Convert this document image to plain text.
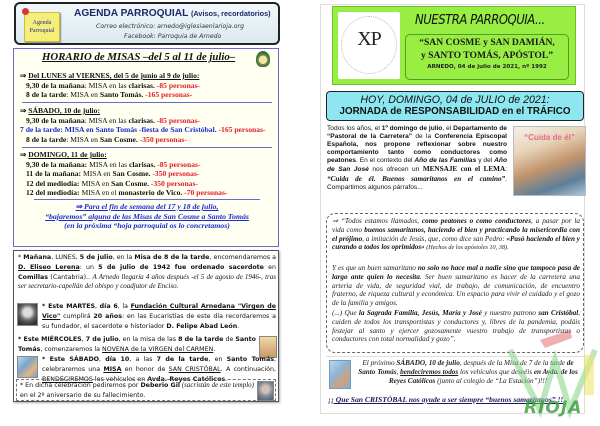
Agenda
Parroquial
AGENDA PARROQUIAL (Avisos, recordatorios)
Correo electrónico: arnedo@iglesiaenlarioja.org
Facebook: Parroquia de Arnedo
HORARIO de MISAS –del 5 al 11 de julio–
⇒ Del LUNES al VIERNES, del 5 de junio al 9 de julio:
9,30 de la mañana: MISA en las clarisas. -85 personas-
8 de la tarde: MISA en Santo Tomás. -165 personas-
⇒ SÁBADO, 10 de julio:
9,30 de la mañana: MISA en las clarisas. -85 personas-
7 de la tarde: MISA en Santo Tomás -fiesta de San Cristóbal. -165 personas-
8 de la tarde: MISA en San Cosme. -350 personas-
⇒ DOMINGO, 11 de julio:
9,30 de la mañana: MISA en las clarisas. -85 personas-
11 de la mañana: MISA en San Cosme. -350 personas-
12 del mediodía: MISA en San Cosme. -350 personas-
12 del mediodía: MISA en el monasterio de Vico. -70 personas-
⇒ Para el fin de semana del 17 y 18 de julio,
“bajaremos” alguna de las Misas de San Cosme a Santo Tomás
(en la próxima “hoja parroquial os lo concretamos)
* Mañana, LUNES, 5 de julio, en la Misa de 8 de la tarde, encomendaremos a D. Eliseo Lerena: un 5 de julio de 1942 fue ordenado sacerdote en Comillas (Cantabria).. A Arnedo llegaría 4 años después -el 5 de agosto de 1946-, tras ser secretario-capellán del obispo y coadjutor de Enciso.
* Este MARTES, día 6, la Fundación Cultural Arnedana "Virgen de Vico" cumplirá 20 años: en las Eucaristías de este día recordaremos a su fundador, el sacerdote e historiador D. Felipe Abad León.
* Este MIÉRCOLES, 7 de julio, en la misa de las 8 de la tarde de Santo Tomás, comenzaremos la NOVENA de la VIRGEN del CARMEN.
* Este SÁBADO, día 10, a las 7 de la tarde, en Santo Tomás, celebraremos una MISA en honor de SAN CRISTÓBAL. A continuación, BENDECIREMOS los vehículos en Avda. Reyes Católicos.
* En dicha celebración pediremos por Deberio Gil (sacristán de este templo) en el 2º aniversario de su fallecimiento.
XP
NUESTRA PARROQUIA...
“SAN COSME y SAN DAMIÁN,
y SANTO TOMÁS, APÓSTOL”
ARNEDO, 04 de julio de 2021, nº 1992
HOY, DOMINGO, 04 de JULIO de 2021:
JORNADA de RESPONSABILIDAD en el TRÁFICO
Todos los años, el 1º domingo de julio, el Departamento de “Pastoral de la Carretera” de la Conferencia Episcopal Española, nos propone reflexionar sobre nuestro comportamiento tanto como conductores como peatones. En el contexto del Año de las Familias y del Año de San José nos ofrecen un MENSAJE con el LEMA: “Cuida de él. Buenos samaritanos en el camino”. Compartimos algunos párrafos...
“Cuida de él”
⇒ “Todos estamos llamados, como peatones o como conductores, a pasar por la vida como buenos samaritanos, haciendo el bien y practicando la misericordia con el prójimo, a imitación de Jesús, que, como dice san Pedro: «Pasó haciendo el bien y curando a todos los oprimidos» (Hechos de los apóstoles 10, 38).
Y es que un buen samaritano no solo no hace mal a nadie sino que tampoco pasa de largo ante quien lo necesita. Ser buen samaritano es hacer de la carretera una arteria de vida, de seguridad vial, de trabajo, de comunicación, de encuentro fraterno, de riqueza cultural y económica. Un espacio para vivir el cuidado y el gozo de la familia y amigos.
(...) Que la Sagrada Familia, Jesús, María y José y nuestro patrono san Cristóbal, cuiden de todos los transportistas y conductores y, libres de la pandemia, podáis festejar al santo y ejercer gozosamente vuestro trabajo de transportistas o conductores con total normalidad y gozo”.
El próximo SÁBADO, 10 de julio, después de la Misa de 7 de la tarde de Santo Tomás, bendeciremos todos los vehículos que deseéis en Avda. de los Reyes Católicos (junto al colegio de “La Estación”)!!!
¡¡ Que San CRISTÓBAL nos ayude a ser siempre “buenos samaritanos” !!
RIOJA
